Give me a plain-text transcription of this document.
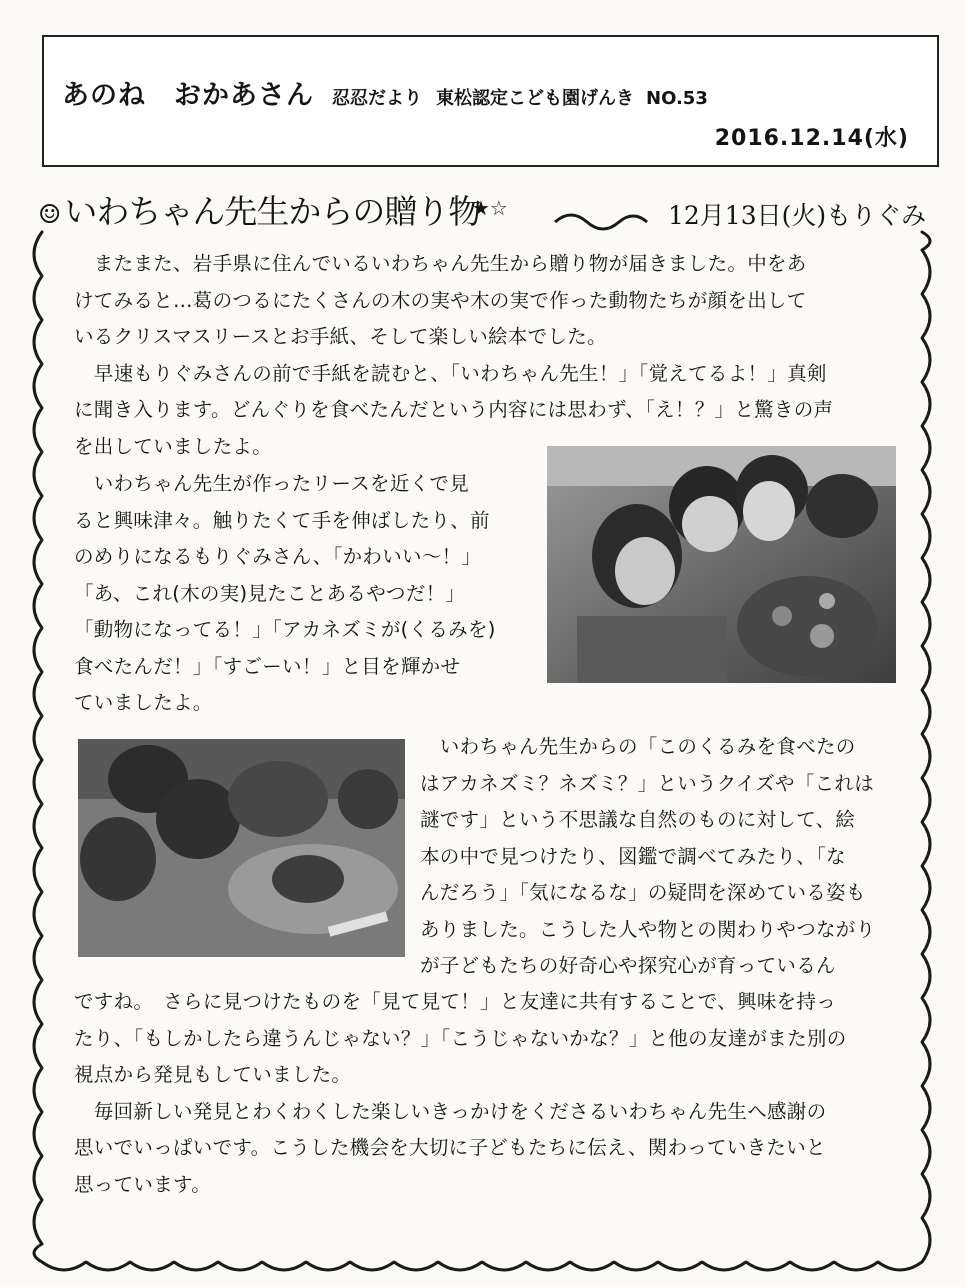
あのね　おかあさん 忍忍だより 東松認定こども園げんき NO.53
2016.12.14(水)
☺ いわちゃん先生からの贈り物
★☆	12月13日(火)もりぐみ

　またまた、岩手県に住んでいるいわちゃん先生から贈り物が届きました。中をあ

けてみると…葛のつるにたくさんの木の実や木の実で作った動物たちが顔を出して

いるクリスマスリースとお手紙、そして楽しい絵本でした。

　早速もりぐみさんの前で手紙を読むと、「いわちゃん先生！」「覚えてるよ！」真剣

に聞き入ります。どんぐりを食べたんだという内容には思わず、「え！？」と驚きの声

を出していましたよ。

　いわちゃん先生が作ったリースを近くで見

ると興味津々。触りたくて手を伸ばしたり、前

のめりになるもりぐみさん、「かわいい～！」

「あ、これ(木の実)見たことあるやつだ！」

「動物になってる！」「アカネズミが(くるみを)

食べたんだ！」「すごーい！」と目を輝かせ

ていましたよ。

　いわちゃん先生からの「このくるみを食べたの

はアカネズミ？ネズミ？」というクイズや「これは

謎です」という不思議な自然のものに対して、絵

本の中で見つけたり、図鑑で調べてみたり、「な

んだろう」「気になるな」の疑問を深めている姿も

ありました。こうした人や物との関わりやつながり

が子どもたちの好奇心や探究心が育っているん

ですね。　さらに見つけたものを「見て見て！」と友達に共有することで、興味を持っ

たり、「もしかしたら違うんじゃない？」「こうじゃないかな？」と他の友達がまた別の

視点から発見もしていました。

　毎回新しい発見とわくわくした楽しいきっかけをくださるいわちゃん先生へ感謝の

思いでいっぱいです。こうした機会を大切に子どもたちに伝え、関わっていきたいと

思っています。
